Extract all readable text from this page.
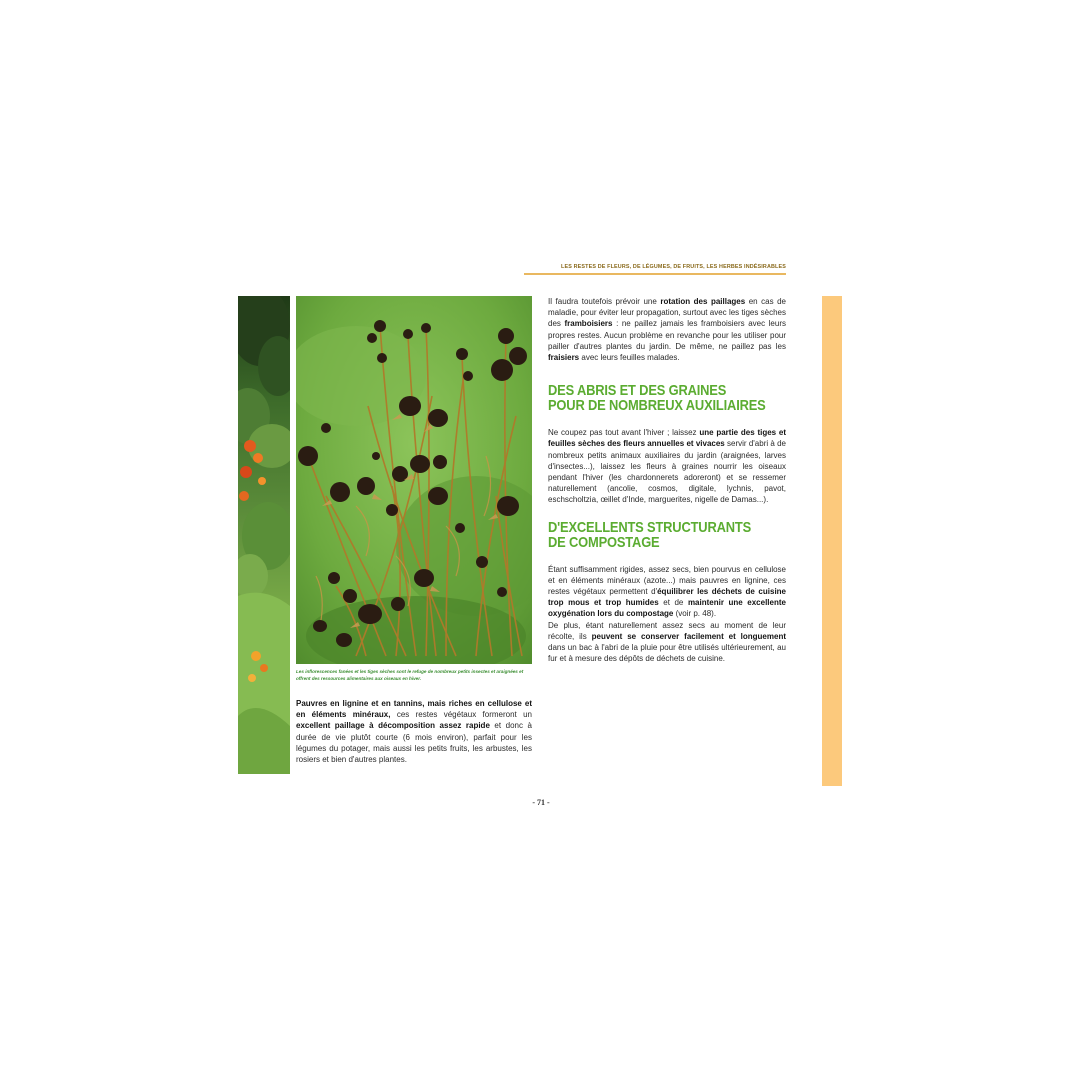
LES RESTES DE FLEURS, DE LÉGUMES, DE FRUITS, LES HERBES INDÉSIRABLES
Les inflorescences fanées et les tiges sèches sont le refuge de nombreux petits insectes et araignées et offrent des ressources alimentaires aux oiseaux en hiver.
Pauvres en lignine et en tannins, mais riches en cellulose et en éléments minéraux, ces restes végétaux formeront un excellent paillage à décomposition assez rapide et donc à durée de vie plutôt courte (6 mois environ), parfait pour les légumes du potager, mais aussi les petits fruits, les arbustes, les rosiers et bien d'autres plantes.

Il faudra toutefois prévoir une rotation des paillages en cas de maladie, pour éviter leur propagation, surtout avec les tiges sèches des framboisiers : ne paillez jamais les framboisiers avec leurs propres restes. Aucun problème en revanche pour les utiliser pour pailler d'autres plantes du jardin. De même, ne paillez pas les fraisiers avec leurs feuilles malades.

DES ABRIS ET DES GRAINES
POUR DE NOMBREUX AUXILIAIRES

Ne coupez pas tout avant l'hiver ; laissez une partie des tiges et feuilles sèches des fleurs annuelles et vivaces servir d'abri à de nombreux petits animaux auxiliaires du jardin (araignées, larves d'insectes...), laissez les fleurs à graines nourrir les oiseaux pendant l'hiver (les chardonnerets adoreront) et se ressemer naturellement (ancolie, cosmos, digitale, lychnis, pavot, eschscholtzia, œillet d'Inde, marguerites, nigelle de Damas...).

D'EXCELLENTS STRUCTURANTS
DE COMPOSTAGE

Étant suffisamment rigides, assez secs, bien pourvus en cellulose et en éléments minéraux (azote...) mais pauvres en lignine, ces restes végétaux permettent d'équilibrer les déchets de cuisine trop mous et trop humides et de maintenir une excellente oxygénation lors du compostage (voir p. 48).

De plus, étant naturellement assez secs au moment de leur récolte, ils peuvent se conserver facilement et longuement dans un bac à l'abri de la pluie pour être utilisés ultérieurement, au fur et à mesure des dépôts de déchets de cuisine.

- 71 -
